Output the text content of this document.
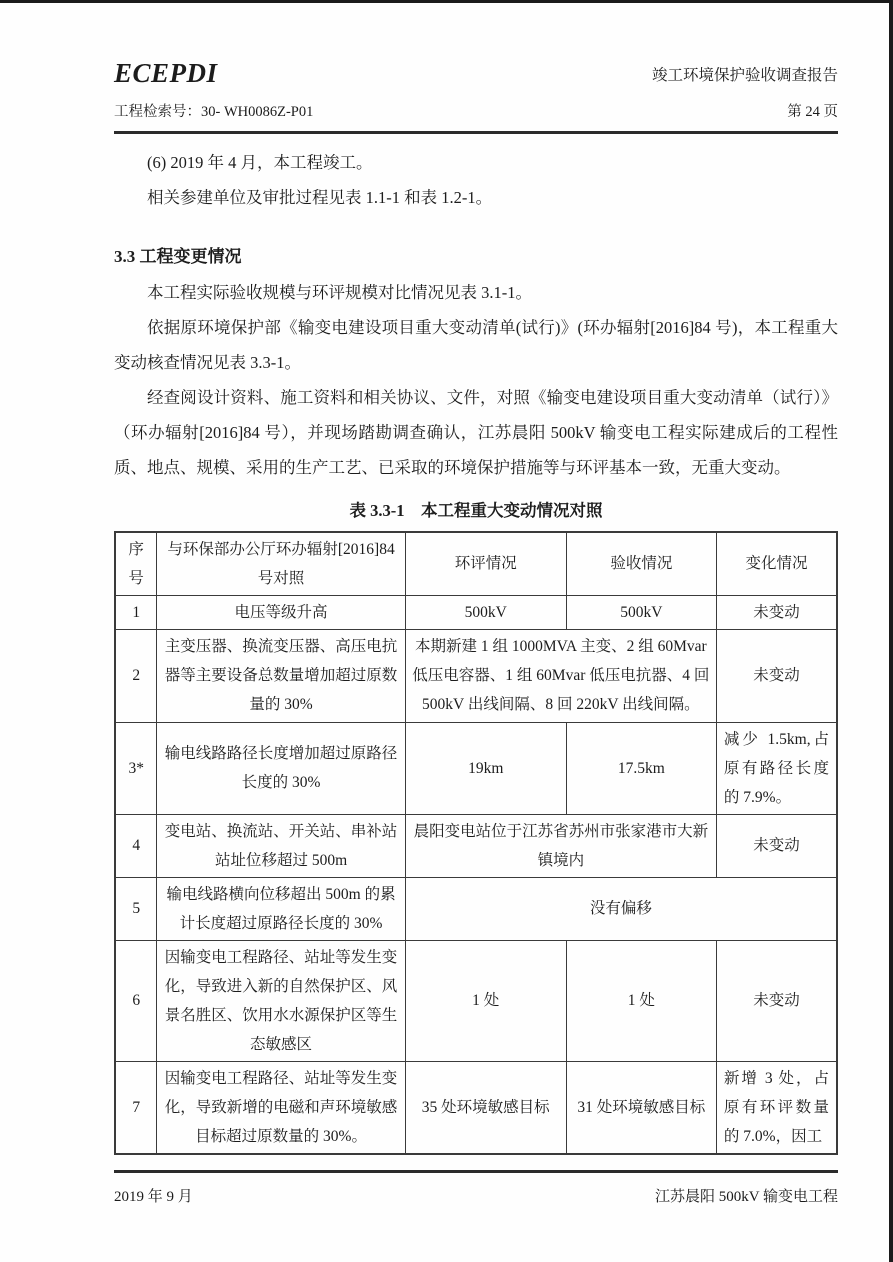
ECEPDI	竣工环境保护验收调查报告
工程检索号：30- WH0086Z-P01	第 24 页

(6) 2019 年 4 月，本工程竣工。

相关参建单位及审批过程见表 1.1-1 和表 1.2-1。

3.3 工程变更情况

本工程实际验收规模与环评规模对比情况见表 3.1-1。

依据原环境保护部《输变电建设项目重大变动清单(试行)》(环办辐射[2016]84 号)，本工程重大变动核查情况见表 3.3-1。

经查阅设计资料、施工资料和相关协议、文件，对照《输变电建设项目重大变动清单（试行）》（环办辐射[2016]84 号），并现场踏勘调查确认，江苏晨阳 500kV 输变电工程实际建成后的工程性质、地点、规模、采用的生产工艺、已采取的环境保护措施等与环评基本一致，无重大变动。

表 3.3-1　本工程重大变动情况对照
序号	与环保部办公厅环办辐射[2016]84 号对照	环评情况	验收情况	变化情况
1	电压等级升高	500kV	500kV	未变动
2	主变压器、换流变压器、高压电抗器等主要设备总数量增加超过原数量的 30%	本期新建 1 组 1000MVA 主变、2 组 60Mvar 低压电容器、1 组 60Mvar 低压电抗器、4 回 500kV 出线间隔、8 回 220kV 出线间隔。		未变动
3*	输电线路路径长度增加超过原路径长度的 30%	19km	17.5km	减少 1.5km,占原有路径长度的 7.9%。
4	变电站、换流站、开关站、串补站站址位移超过 500m	晨阳变电站位于江苏省苏州市张家港市大新镇境内		未变动
5	输电线路横向位移超出 500m 的累计长度超过原路径长度的 30%	没有偏移		
6	因输变电工程路径、站址等发生变化，导致进入新的自然保护区、风景名胜区、饮用水水源保护区等生态敏感区	1 处	1 处	未变动
7	因输变电工程路径、站址等发生变化，导致新增的电磁和声环境敏感目标超过原数量的 30%。	35 处环境敏感目标	31 处环境敏感目标	新增 3 处，占原有环评数量的 7.0%，因工
2019 年 9 月	江苏晨阳 500kV 输变电工程
